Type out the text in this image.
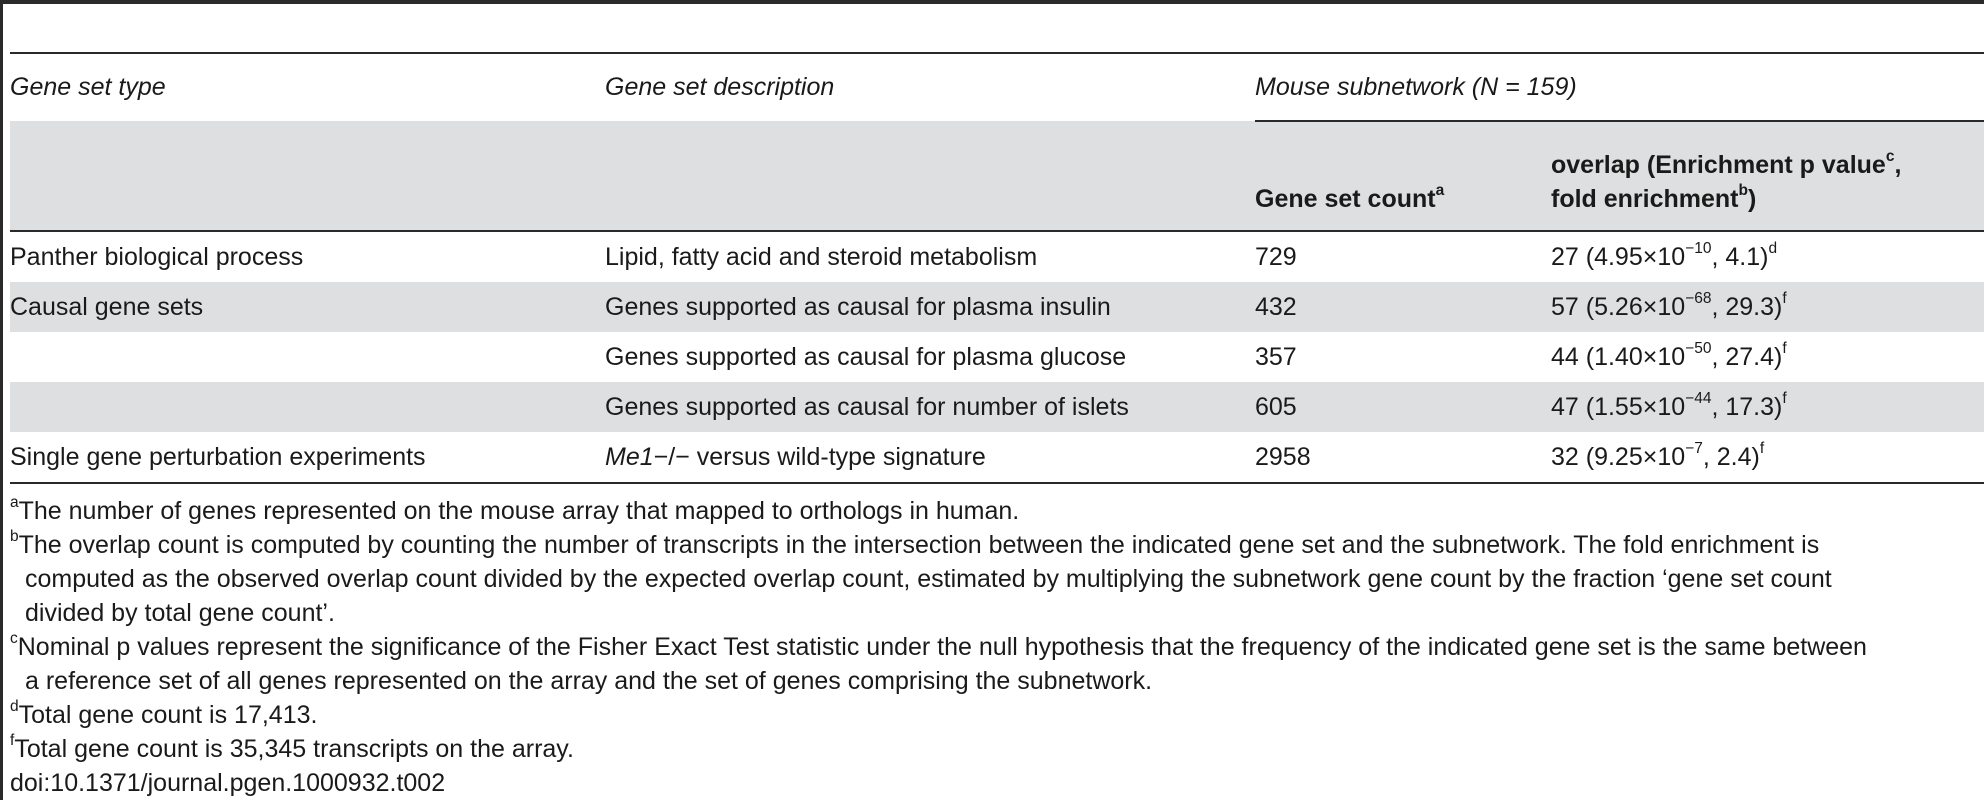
Gene set type	Gene set description	Mouse subnetwork (N = 159)	
		Gene set count$^a$	overlap (Enrichment p value$^c$,
fold enrichment$^b$)
Panther biological process	Lipid, fatty acid and steroid metabolism	729	27 ($4.95\times 10^{-10}$, 4.1)$^d$
Causal gene sets	Genes supported as causal for plasma insulin	432	57 ($5.26\times 10^{-68}$, 29.3)$^f$
	Genes supported as causal for plasma glucose	357	44 ($1.40\times 10^{-50}$, 27.4)$^f$
	Genes supported as causal for number of islets	605	47 ($1.55\times 10^{-44}$, 17.3)$^f$
Single gene perturbation experiments	Me1−/− versus wild-type signature	2958	32 ($9.25\times 10^{-7}$, 2.4)$^f$
$^a$The number of genes represented on the mouse array that mapped to orthologs in human.
$^b$The overlap count is computed by counting the number of transcripts in the intersection between the indicated gene set and the subnetwork. The fold enrichment is
computed as the observed overlap count divided by the expected overlap count, estimated by multiplying the subnetwork gene count by the fraction ‘gene set count
divided by total gene count’.
$^c$Nominal p values represent the significance of the Fisher Exact Test statistic under the null hypothesis that the frequency of the indicated gene set is the same between
a reference set of all genes represented on the array and the set of genes comprising the subnetwork.
$^d$Total gene count is 17,413.
$^f$Total gene count is 35,345 transcripts on the array.
doi:10.1371/journal.pgen.1000932.t002
